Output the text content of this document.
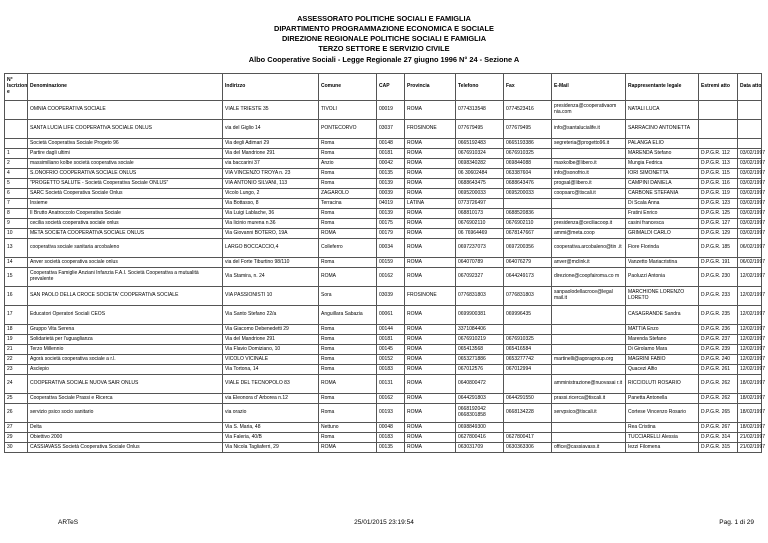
ASSESSORATO POLITICHE SOCIALI E FAMIGLIA
DIPARTIMENTO PROGRAMMAZIONE ECONOMICA E SOCIALE
DIREZIONE REGIONALE POLITICHE SOCIALI E FAMIGLIA
TERZO SETTORE E SERVIZIO CIVILE
Albo Cooperative Sociali - Legge Regionale 27 giugno 1996 N° 24 - Sezione A
N° Iscrizion e	Denominazione	Indirizzo	Comune	CAP	Provincia	Telefono	Fax	E-Mail	Rappresentante legale	Estremi atto	Data atto
	OMNIA COOPERATIVA SOCIALE	VIALE TRIESTE 35	TIVOLI	00019	ROMA	0774313548	0774523416	presidenza@cooperativaom nia.com	NATALI LUCA		
	SANTA LUCIA LIFE COOPERATIVA SOCIALE ONLUS	via del Giglio 14	PONTECORVO	03037	FROSINONE	077679495	077679495	info@santalucialife.it	SARRACINO ANTONIETTA		
	Società Cooperativa Sociale Progeto 96	Via degli Adimari 29	Roma	00148	ROMA	0665192483	0665193386	segreteria@progetto96.it	PALANGA ELIO		
1	Partire dagli ultimi	Via del Mandrione 291	Roma	00181	ROMA	0676910324	0676910325		MARENDA Stefano	D.P.G.R. 112	03/02/1997
2	massimiliano kolbe società cooperativa sociale	via baccarini 37	Anzio	00042	ROMA	0698340282	069844088	maxkolbe@libero.it	Mungia Fedrica	D.P.G.R. 113	03/02/1997
4	S.ONOFRIO COOPERATIVA SOCIALE ONLUS	VIA VINCENZO TROYA n. 23	Roma	00135	ROMA	06 30602484	063387604	info@sonofrio.it	IORI SIMONETTA	D.P.G.R. 115	03/02/1997
5	"PROGETTO SALUTE - Società Cooperativa Sociale ONLUS"	VIA ANTONIO SILVANI, 113	Roma	00139	ROMA	0688643475	0688643476	progsal@libero.it	CAMPINI DANIELA	D.P.G.R. 116	03/02/1997
6	SARC Società Cooperativa Sociale Onlus	Vicolo Lungo, 2	ZAGAROLO	00039	ROMA	0695200033	0695200033	coopsarc@tiscali.it	CARBONE STEFANIA	D.P.G.R. 119	03/02/1997
7	Insieme	Via Bottasso, 8	Terracina	04019	LATINA	0773726497			Di Scala Anna	D.P.G.R. 123	03/02/1997
8	Il Brutto Anatroccolo Cooperativa Sociale	Via Luigi Lablache, 36	Roma	00139	ROMA	068810173	0688520836		Fratini Enrico	D.P.G.R. 125	03/02/1997
9	cecilia società cooperativa sociale onlus	Via licinio murena n.36	Roma	00175	ROMA	0676902110	0676902110	presidenza@ceciliacoop.it	casini francesca	D.P.G.R. 127	03/02/1997
10	META SOCIETA COOPERATIVA SOCIALE ONLUS	Via Giovanni BOTERO, 19A	ROMA	00179	ROMA	06 76964469	0678147667	ammi@meta.coop	GRIMALDI CARLO	D.P.G.R. 129	03/02/1997
13	cooperativa sociale sanitaria arcobaleno	LARGO BOCCACCIO,4	Colleferro	00034	ROMA	0697237073	0697200356	cooperativa.arcobaleno@tin .it	Fiore Florinda	D.P.G.R. 185	06/02/1997
14	Anver società cooperativa sociale onlus	via del Forte Tiburtino 98/110	Roma	00159	ROMA	064070789	064076279	anver@mclink.it	Vanzetto Mariacristina	D.P.G.R. 191	06/02/1997
15	Cooperativa Famiglie Anziani Infanzia F.A.I. Società Cooperativa a mutualità prevalente	Via Stamira, n. 24	ROMA	00162	ROMA	067092327	0644249173	direzione@coopfairoma.co m	Paoluzzi Antonia	D.P.G.R. 230	12/02/1997
16	SAN PAOLO DELLA CROCE SOCIETA' COOPERATIVA SOCIALE	VIA PASSIONISTI 10	Sora	03039	FROSINONE	0776831803	0776831803	sanpaolodellacroce@legal mail.it	MARCHIONE LORENZO LORETO	D.P.G.R. 233	12/02/1997
17	Educatori Operatori Sociali CEOS	Via Santo Stefano 22/a	Anguillara Sabazia	00061	ROMA	0699900381	069996435		CASAGRANDE Sandra	D.P.G.R. 235	12/02/1997
18	Gruppo Vita Serena	Via Giacomo Debenedetti 29	Roma	00144	ROMA	3371084406			MATTIA Enzo	D.P.G.R. 236	12/02/1997
19	Solidarietà per l'uguaglianza	Via del Mandrione 291	Roma	00181	ROMA	0676910219	0676910325		Marenda Stefano	D.P.G.R. 237	12/02/1997
21	Terzo Millennio	Via Flavio Domiziano, 10	Roma	00145	ROMA	065413568	065416584		Di Girolamo Mara	D.P.G.R. 239	12/02/1997
22	Agorà società cooperativa sociale a r.l.	VICOLO VICINALE	Roma	00152	ROMA	0653271886	0653277742	martinelli@agoragroup.org	MAGRINI FABIO	D.P.G.R. 240	12/02/1997
23	Asclepio	Via Tortona, 14	Roma	00183	ROMA	067012576	067012994		Quacezi Alfio	D.P.G.R. 261	12/02/1997
24	COOPERATIVA SOCIALE NUOVA SAIR ONLUS	VIALE DEL TECNOPOLO 83	ROMA	00131	ROMA	0640800472		amministrazione@nuovasai r.it	RICCIOLUTI ROSARIO	D.P.G.R. 262	18/02/1997
25	Cooperativa Sociale Prassi e Ricerca	via Eleonora d' Arborea n.12	Roma	00162	ROMA	0644291803	0644291550	prassi.ricerca@tiscali.it	Panetta Antonella	D.P.G.R. 262	18/02/1997
26	servizio psico socio sanitario	via orazio	Roma	00193	ROMA	0668192042 0668301858	0668134228	servpsico@tiscali.it	Cortese Vincenzo Rosario	D.P.G.R. 265	18/02/1997
27	Delta	Via S. Maria, 48	Nettuno	00048	ROMA	0698849300			Rea Cristina	D.P.G.R. 267	18/02/1997
29	Obiettivo 2000	Via Faleria, 40/B	Roma	00183	ROMA	0627800416	0627800417		TUCCIARELLI Alessia	D.P.G.R. 314	21/02/1997
30	CASSIAVASS Società Cooperativa Sociale Onlus	Via Nicola Tagliaferri, 29	ROMA	00135	ROMA	063031709	0630363306	office@cassiavass.it	Iezzi Filomena	D.P.G.R. 315	21/02/1997
ARTeS	25/01/2015 23:19:54	Pag. 1 di 29
